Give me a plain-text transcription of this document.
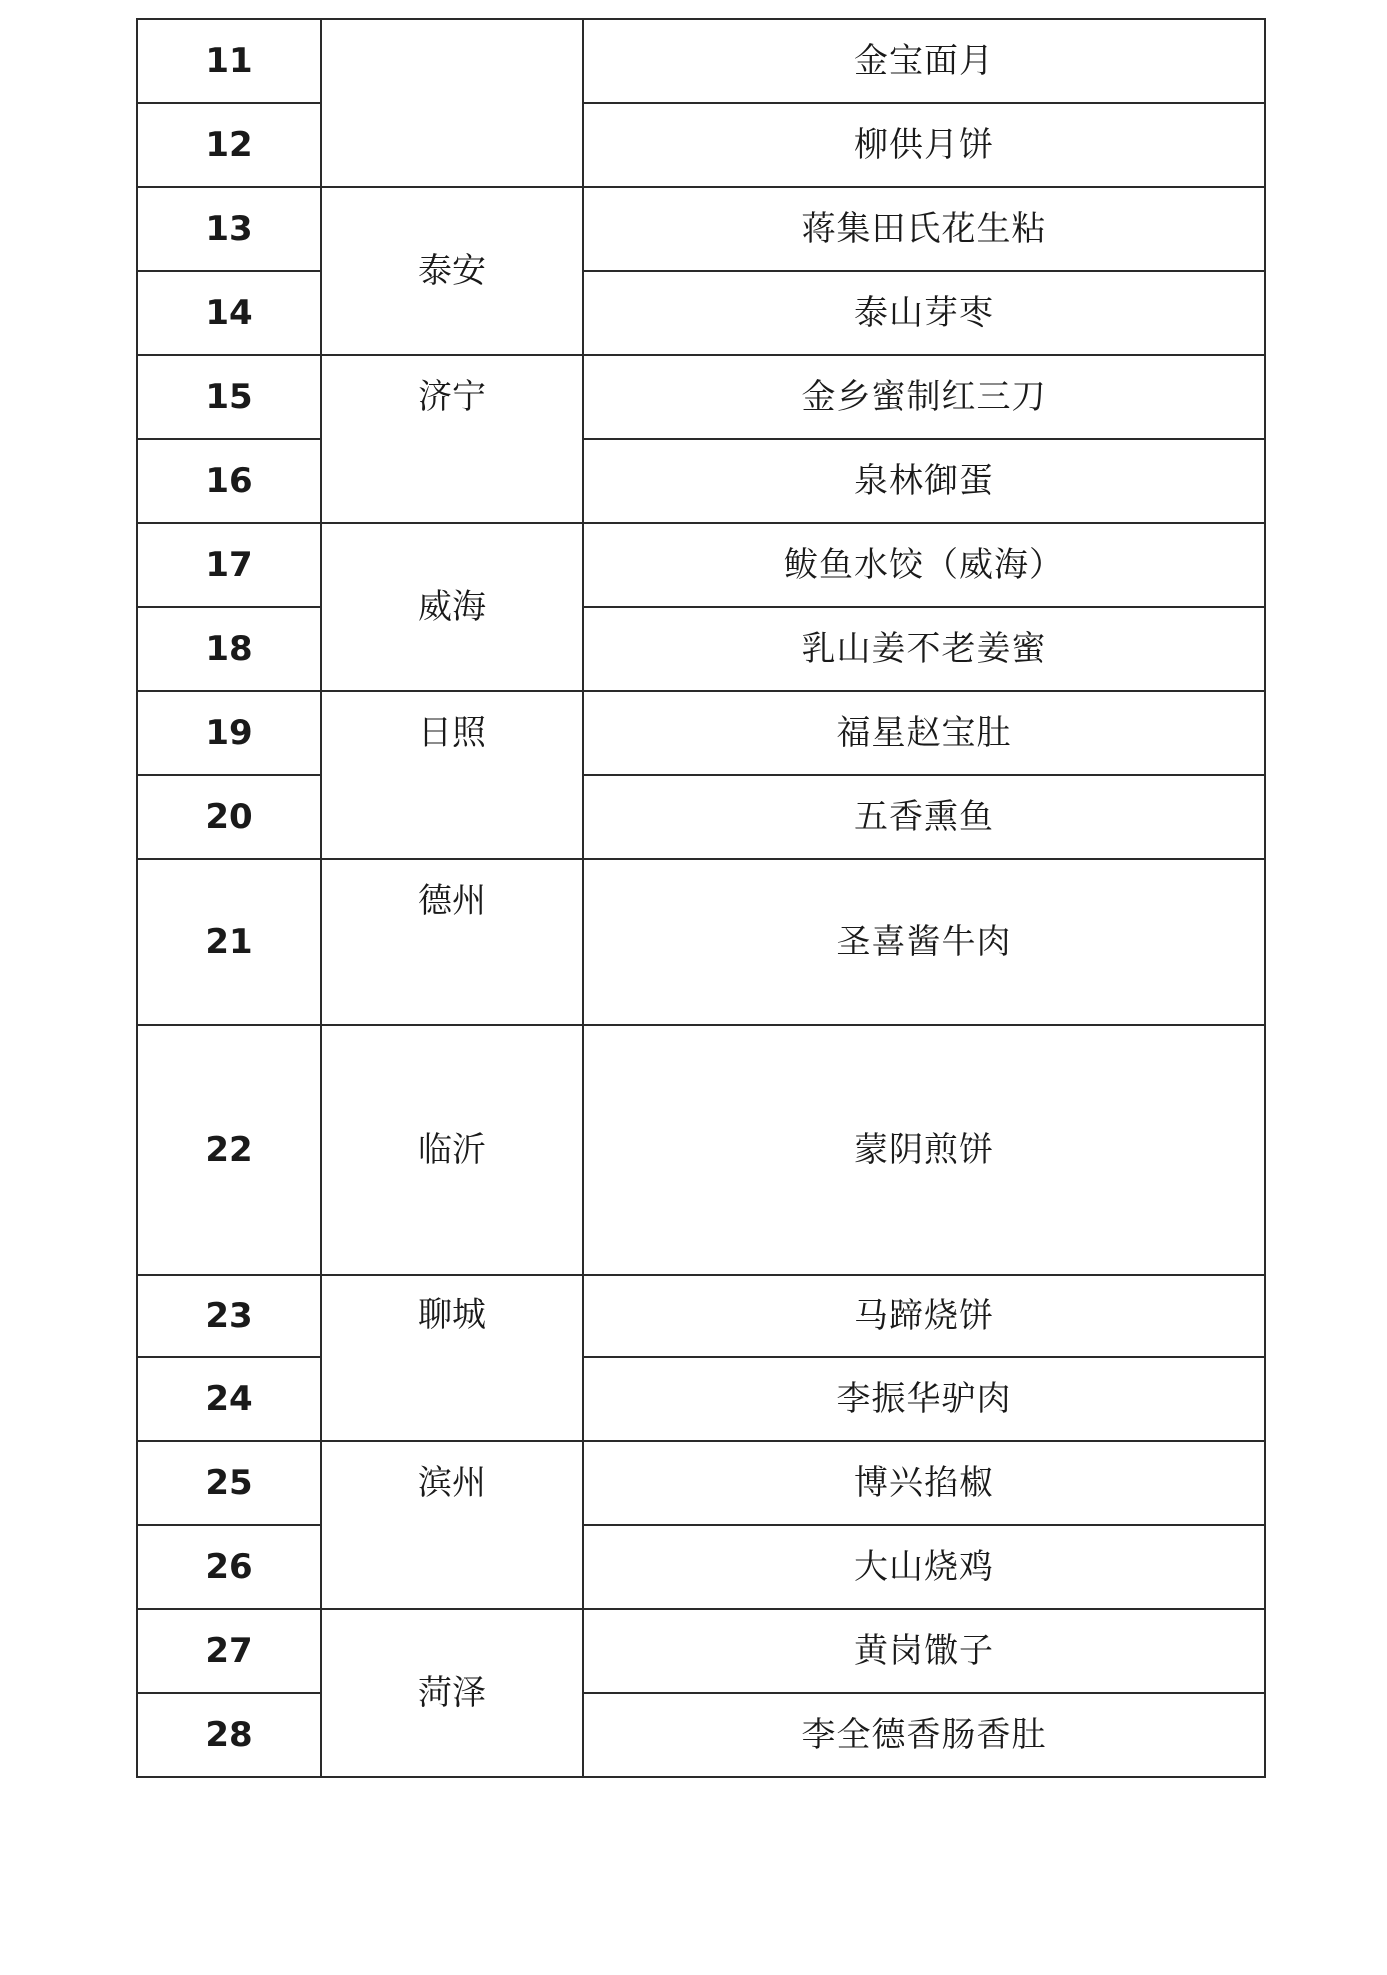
11		金宝面月
12		柳供月饼
13	泰安	蒋集田氏花生粘
14		泰山芽枣
15	济宁	金乡蜜制红三刀
16		泉林御蛋
17	威海	鲅鱼水饺（威海）
18		乳山姜不老姜蜜
19	日照	福星赵宝肚
20		五香熏鱼
21	德州	圣喜酱牛肉
22	临沂	蒙阴煎饼
23	聊城	马蹄烧饼
24		李振华驴肉
25	滨州	博兴掐椒
26		大山烧鸡
27	菏泽	黄岗馓子
28		李全德香肠香肚
